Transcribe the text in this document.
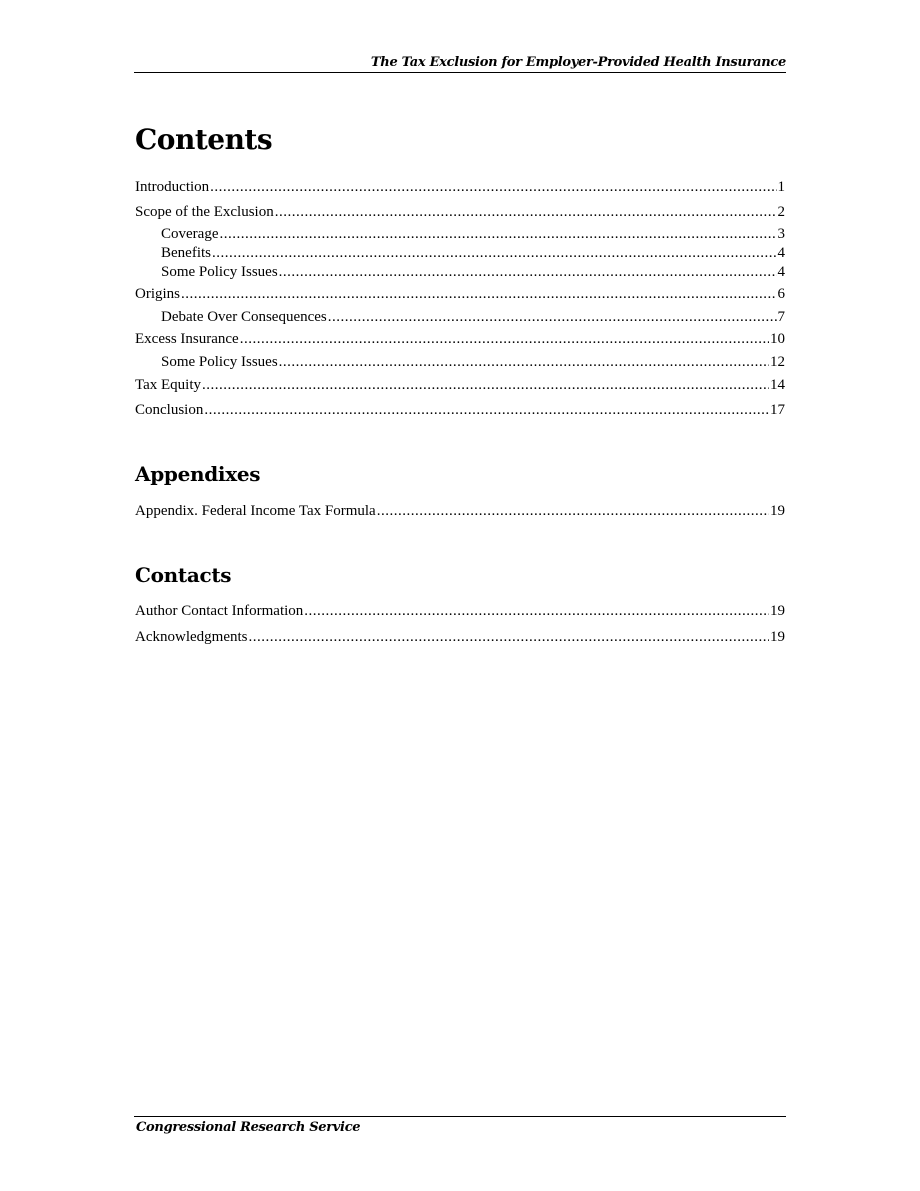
The Tax Exclusion for Employer-Provided Health Insurance
Contents
Introduction .....	1
Scope of the Exclusion .....	2
Coverage .....	3
Benefits .....	4
Some Policy Issues .....	4
Origins .....	6
Debate Over Consequences .....	7
Excess Insurance .....	10
Some Policy Issues .....	12
Tax Equity .....	14
Conclusion .....	17
Appendixes
Appendix. Federal Income Tax Formula .....	19
Contacts
Author Contact Information .....	19
Acknowledgments .....	19
Congressional Research Service
